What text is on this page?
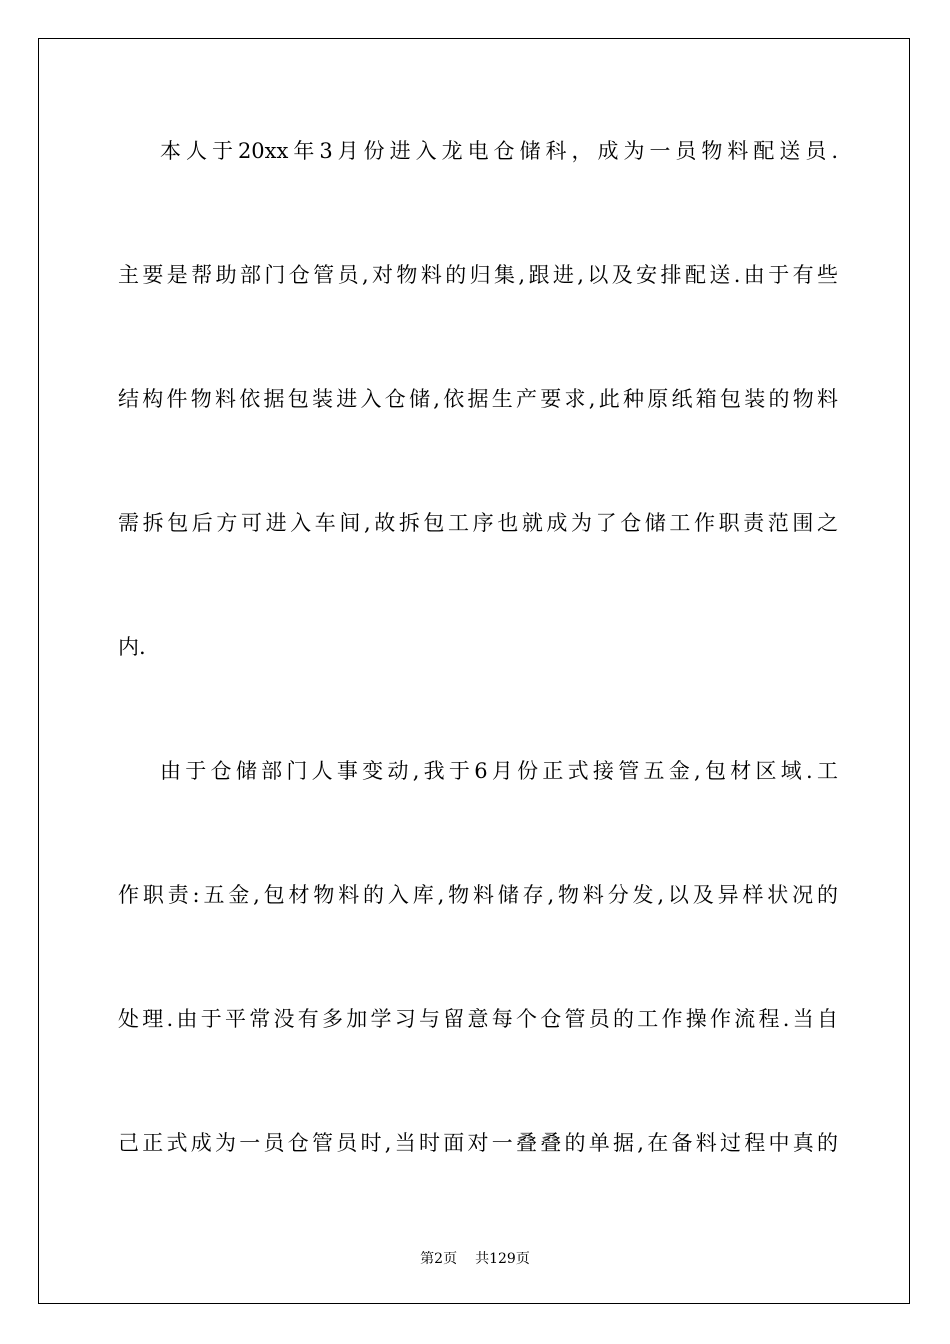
本人于20xx年3月份进入龙电仓储科，成为一员物料配送员.
主要是帮助部门仓管员,对物料的归集,跟进,以及安排配送.由于有些
结构件物料依据包装进入仓储,依据生产要求,此种原纸箱包装的物料
需拆包后方可进入车间,故拆包工序也就成为了仓储工作职责范围之
内.
由于仓储部门人事变动,我于6月份正式接管五金,包材区域.工
作职责:五金,包材物料的入库,物料储存,物料分发,以及异样状况的
处理.由于平常没有多加学习与留意每个仓管员的工作操作流程.当自
己正式成为一员仓管员时,当时面对一叠叠的单据,在备料过程中真的
第2页 共129页
